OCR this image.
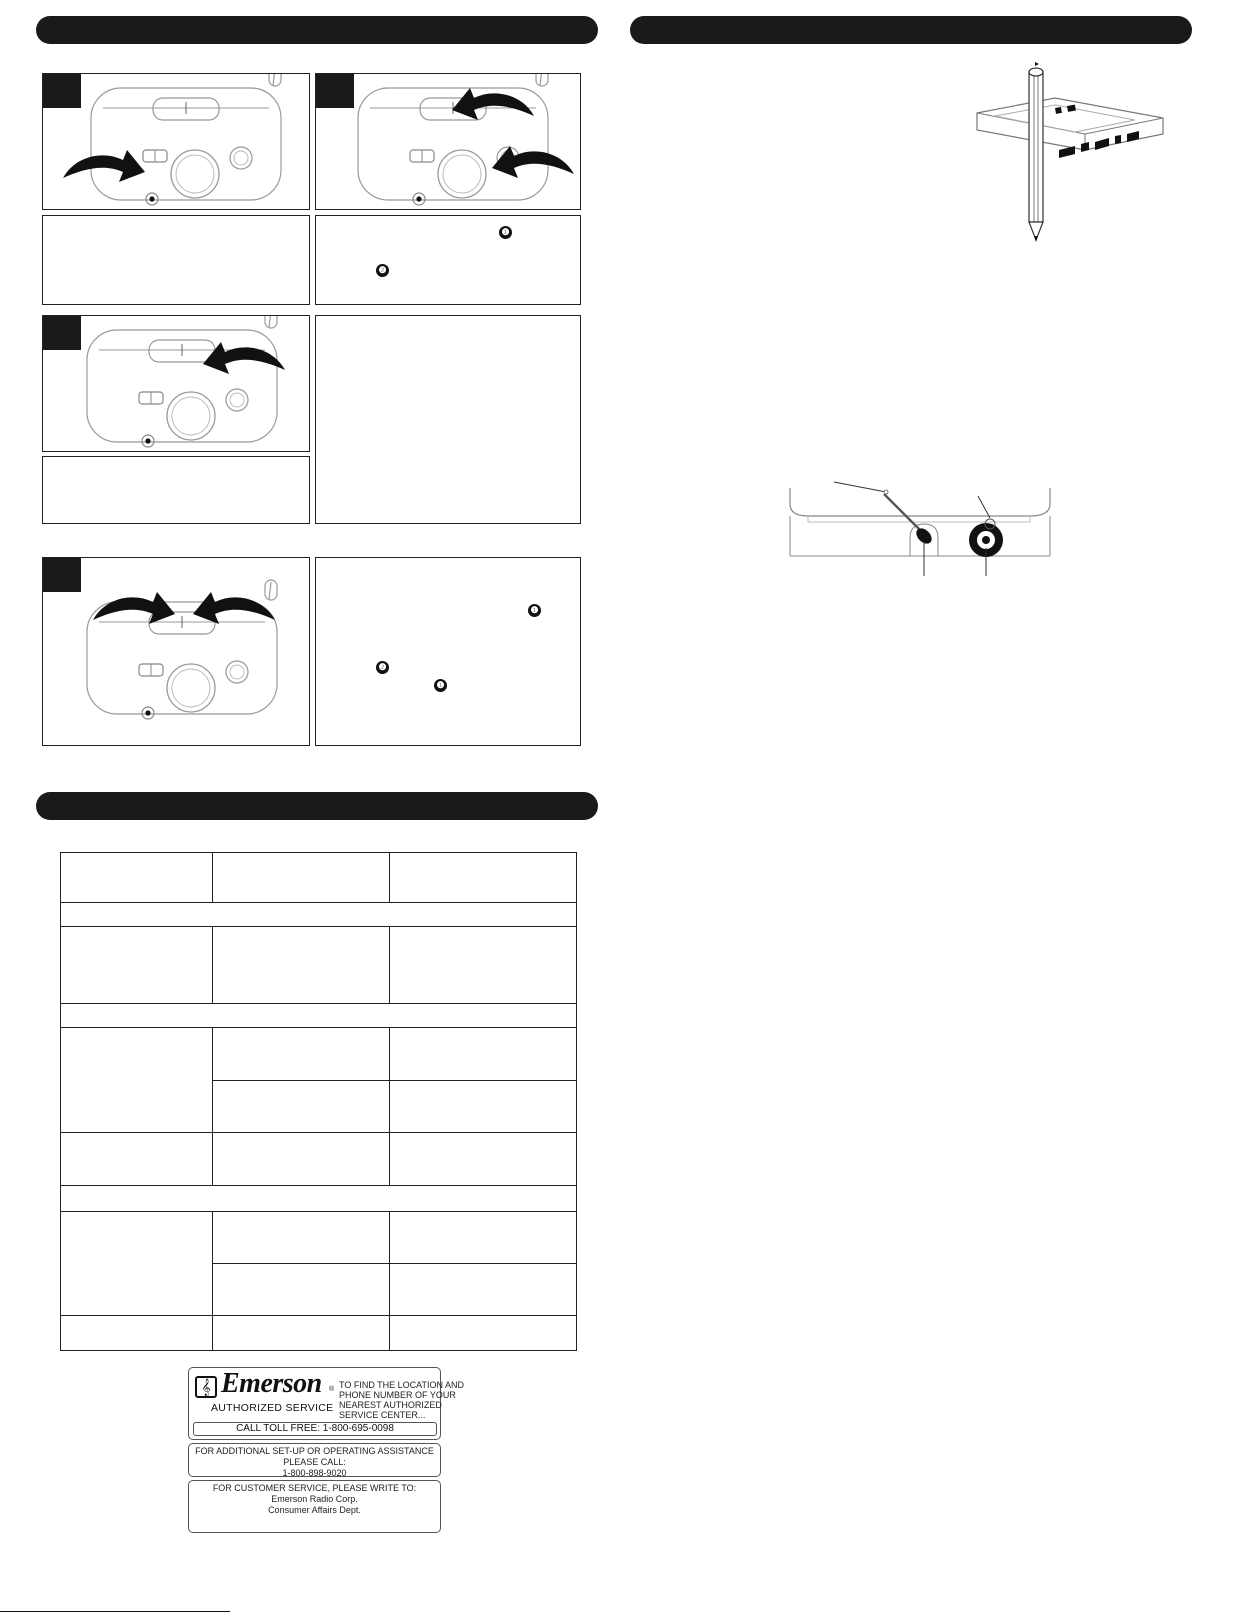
❶
❷
❶
❷
❶

𝄞 Emerson ®
AUTHORIZED SERVICE
TO FIND THE LOCATION AND
PHONE NUMBER OF YOUR
NEAREST AUTHORIZED
SERVICE CENTER...
CALL TOLL FREE: 1-800-695-0098
FOR ADDITIONAL SET-UP OR OPERATING ASSISTANCE
PLEASE CALL:
1-800-898-9020
FOR CUSTOMER SERVICE, PLEASE WRITE TO:
Emerson Radio Corp.
Consumer Affairs Dept.
